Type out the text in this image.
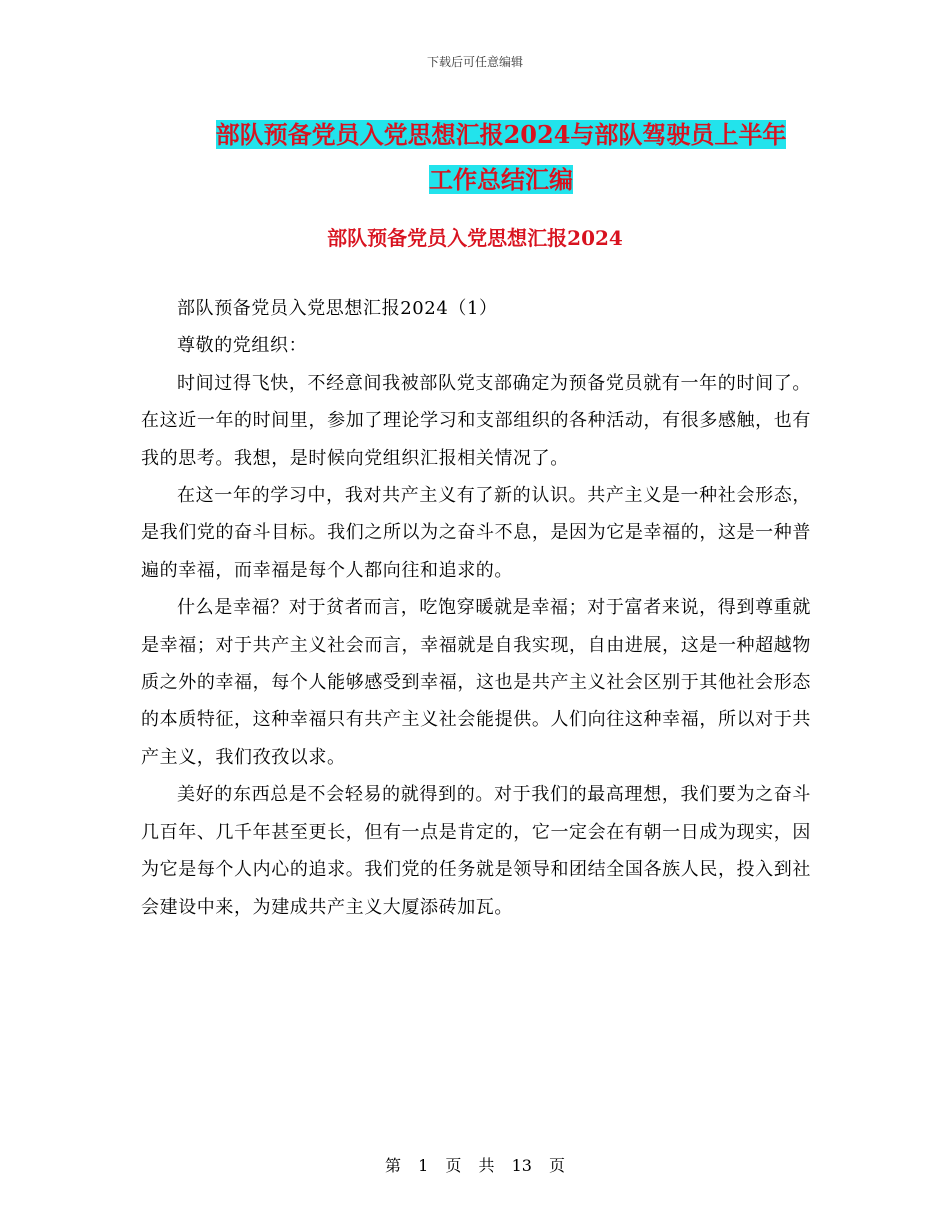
下载后可任意编辑
部队预备党员入党思想汇报2024与部队驾驶员上半年
工作总结汇编
部队预备党员入党思想汇报2024

部队预备党员入党思想汇报2024（1）

尊敬的党组织：

时间过得飞快，不经意间我被部队党支部确定为预备党员就有一年的时间了。在这近一年的时间里，参加了理论学习和支部组织的各种活动，有很多感触，也有我的思考。我想，是时候向党组织汇报相关情况了。

在这一年的学习中，我对共产主义有了新的认识。共产主义是一种社会形态，是我们党的奋斗目标。我们之所以为之奋斗不息，是因为它是幸福的，这是一种普遍的幸福，而幸福是每个人都向往和追求的。

什么是幸福？对于贫者而言，吃饱穿暖就是幸福；对于富者来说，得到尊重就是幸福；对于共产主义社会而言，幸福就是自我实现，自由进展，这是一种超越物质之外的幸福，每个人能够感受到幸福，这也是共产主义社会区别于其他社会形态的本质特征，这种幸福只有共产主义社会能提供。人们向往这种幸福，所以对于共产主义，我们孜孜以求。

美好的东西总是不会轻易的就得到的。对于我们的最高理想，我们要为之奋斗几百年、几千年甚至更长，但有一点是肯定的，它一定会在有朝一日成为现实，因为它是每个人内心的追求。我们党的任务就是领导和团结全国各族人民，投入到社会建设中来，为建成共产主义大厦添砖加瓦。

第 1 页 共 13 页
